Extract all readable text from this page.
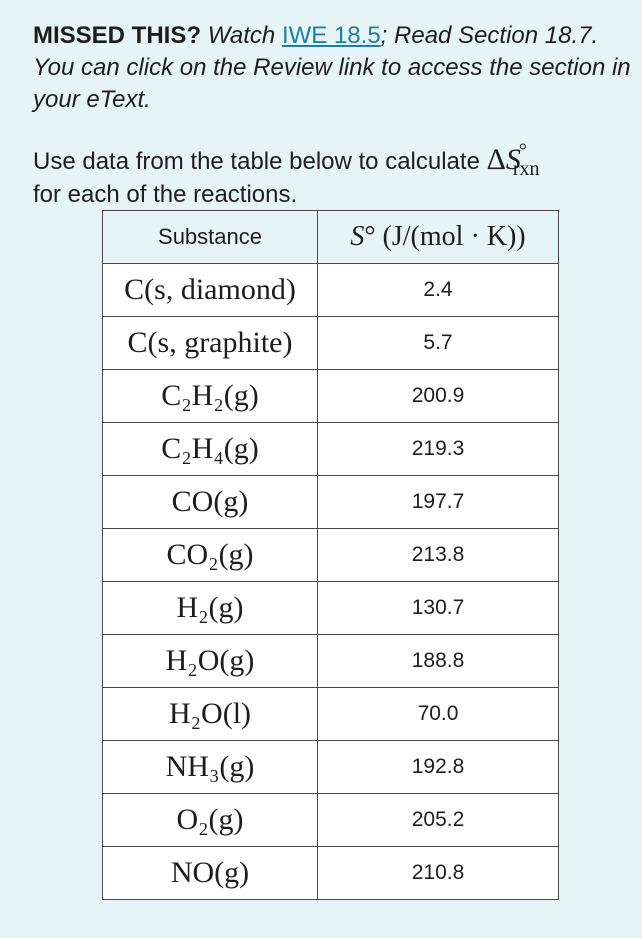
MISSED THIS? Watch IWE 18.5; Read Section 18.7. You can click on the Review link to access the section in your eText.
Use data from the table below to calculate $\Delta S^\circ_{rxn}$
for each of the reactions.
Substance	S° (J/(mol · K))
C(s, diamond)	2.4
C(s, graphite)	5.7
C₂H₂(g)	200.9
C₂H₄(g)	219.3
CO(g)	197.7
CO₂(g)	213.8
H₂(g)	130.7
H₂O(g)	188.8
H₂O(l)	70.0
NH₃(g)	192.8
O₂(g)	205.2
NO(g)	210.8
